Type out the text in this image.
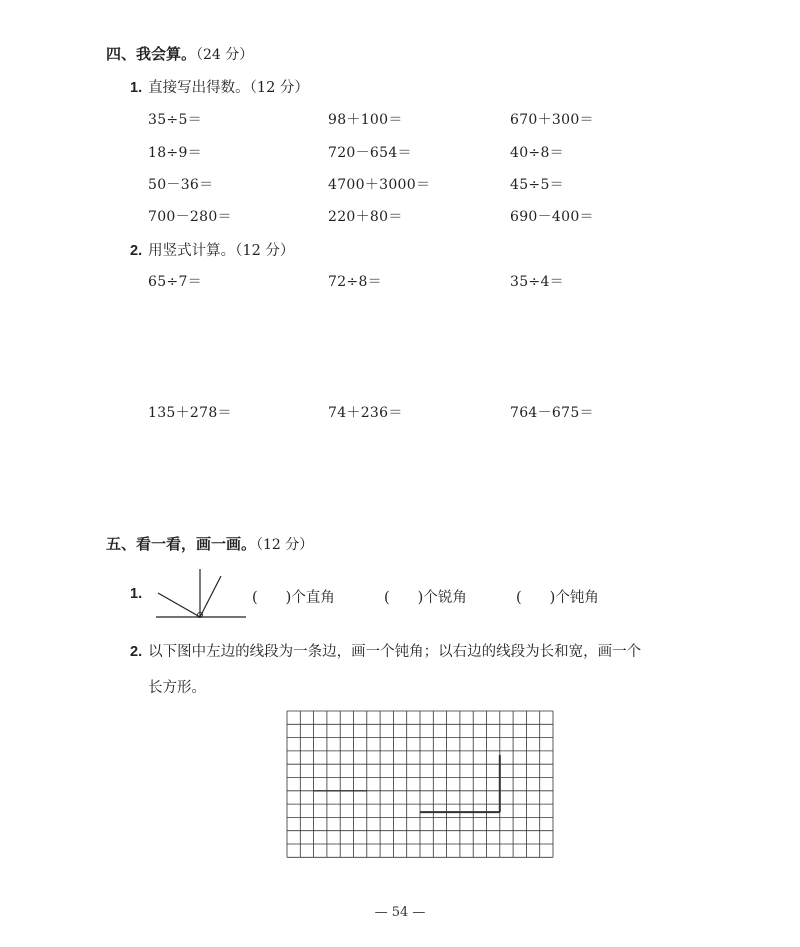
四、我会算。（24 分）
1. 直接写出得数。（12 分）
35÷5＝	98＋100＝	670＋300＝
18÷9＝	720－654＝	40÷8＝
50－36＝	4700＋3000＝	45÷5＝
700－280＝	220＋80＝	690－400＝
2. 用竖式计算。（12 分）
65÷7＝	72÷8＝	35÷4＝
135＋278＝	74＋236＝	764－675＝
五、看一看，画一画。（12 分）
1.	( )个直角	( )个锐角	( )个钝角
2. 以下图中左边的线段为一条边，画一个钝角；以右边的线段为长和宽，画一个
长方形。
— 54 —
